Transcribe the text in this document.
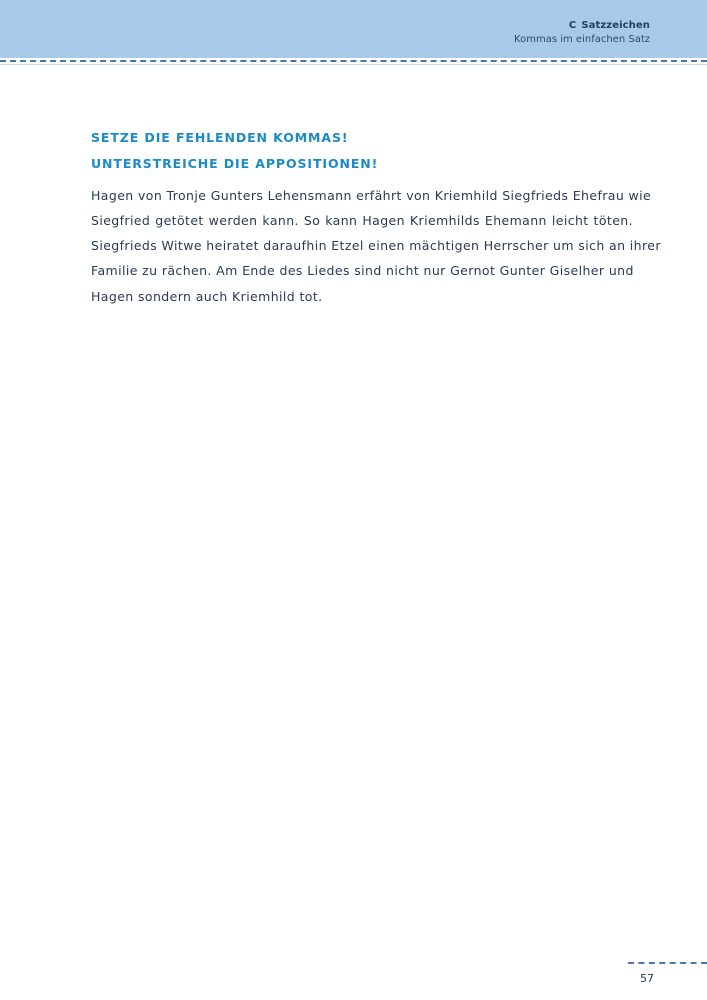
C Satzzeichen
Kommas im einfachen Satz
SETZE DIE FEHLENDEN KOMMAS!
UNTERSTREICHE DIE APPOSITIONEN!
Hagen von Tronje Gunters Lehensmann erfährt von Kriemhild Siegfrieds Ehefrau wie
Siegfried getötet werden kann. So kann Hagen Kriemhilds Ehemann leicht töten.
Siegfrieds Witwe heiratet daraufhin Etzel einen mächtigen Herrscher um sich an ihrer
Familie zu rächen. Am Ende des Liedes sind nicht nur Gernot Gunter Giselher und
Hagen sondern auch Kriemhild tot.
57
